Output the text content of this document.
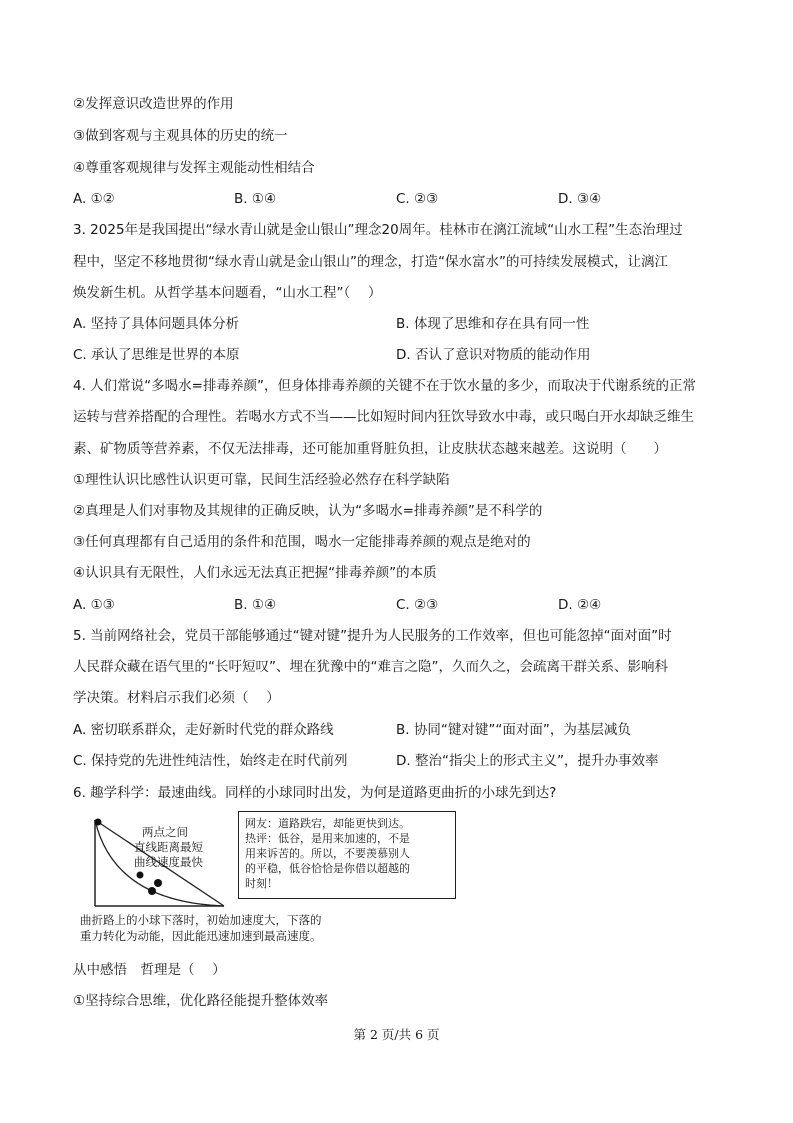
②发挥意识改造世界的作用
③做到客观与主观具体的历史的统一
④尊重客观规律与发挥主观能动性相结合
A. ①②	B. ①④	C. ②③	D. ③④
3. 2025年是我国提出“绿水青山就是金山银山”理念20周年。桂林市在漓江流域“山水工程”生态治理过
程中，坚定不移地贯彻“绿水青山就是金山银山”的理念，打造“保水富水”的可持续发展模式，让漓江
焕发新生机。从哲学基本问题看，“山水工程”（　 ）
A. 坚持了具体问题具体分析	B. 体现了思维和存在具有同一性
C. 承认了思维是世界的本原	D. 否认了意识对物质的能动作用
4. 人们常说“多喝水=排毒养颜”，但身体排毒养颜的关键不在于饮水量的多少，而取决于代谢系统的正常
运转与营养搭配的合理性。若喝水方式不当——比如短时间内狂饮导致水中毒，或只喝白开水却缺乏维生
素、矿物质等营养素，不仅无法排毒，还可能加重肾脏负担，让皮肤状态越来越差。这说明（　　）
①理性认识比感性认识更可靠，民间生活经验必然存在科学缺陷
②真理是人们对事物及其规律的正确反映，认为“多喝水=排毒养颜”是不科学的
③任何真理都有自己适用的条件和范围，喝水一定能排毒养颜的观点是绝对的
④认识具有无限性，人们永远无法真正把握“排毒养颜”的本质
A. ①③	B. ①④	C. ②③	D. ②④
5. 当前网络社会，党员干部能够通过“键对键”提升为人民服务的工作效率，但也可能忽掉“面对面”时
人民群众藏在语气里的“长吁短叹”、埋在犹豫中的“难言之隐”，久而久之，会疏离干群关系、影响科
学决策。材料启示我们必须（　 ）
A. 密切联系群众，走好新时代党的群众路线	B. 协同“键对键”“面对面”，为基层减负
C. 保持党的先进性纯洁性，始终走在时代前列	D. 整治“指尖上的形式主义”，提升办事效率
6. 趣学科学：最速曲线。同样的小球同时出发，为何是道路更曲折的小球先到达?
两点之间
直线距离最短
曲线速度最快
网友：道路跌宕，却能更快到达。
热评：低谷，是用来加速的，不是
用来诉苦的。所以，不要羡慕别人
的平稳，低谷恰恰是你借以超越的
时刻！
曲折路上的小球下落时，初始加速度大，下落的
重力转化为动能，因此能迅速加速到最高速度。
从中感悟　哲理是（　 ）
①坚持综合思维，优化路径能提升整体效率
第 2 页/共 6 页
